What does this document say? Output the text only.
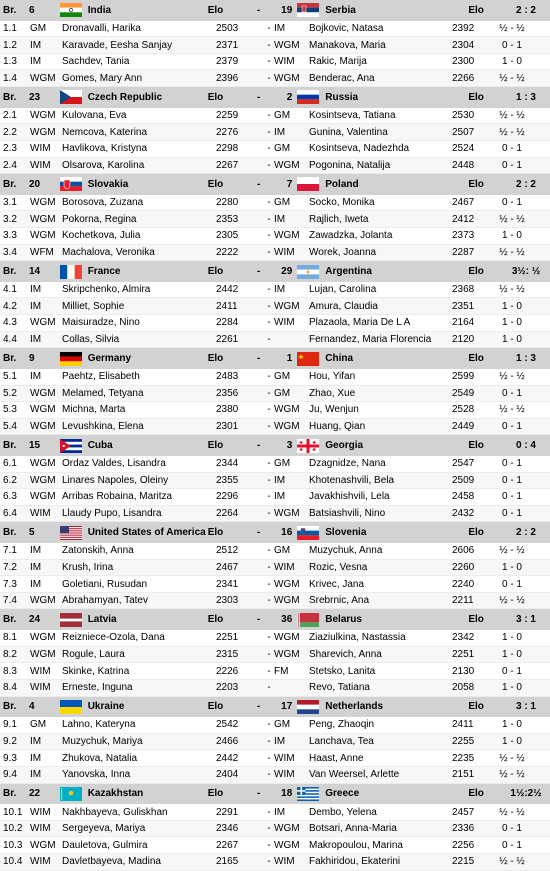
Br.	6	India	Elo	-	19	Serbia	Elo	2 : 2
1.1	GM	Dronavalli, Harika	2503	- IM	Bojkovic, Natasa	2392	½ - ½
1.2	IM	Karavade, Eesha Sanjay	2371	- WGM Manakova, Maria	2304	0 - 1
1.3	IM	Sachdev, Tania	2379	- WIM	Rakic, Marija	2300	1 - 0
1.4	WGM Gomes, Mary Ann	2396	- WGM Benderac, Ana	2266	½ - ½
Br.	23	Czech Republic	Elo	-	2	Russia	Elo	1 : 3
2.1	WGM Kulovana, Eva	2259	- GM	Kosintseva, Tatiana	2530	½ - ½
2.2	WGM Nemcova, Katerina	2276	- IM	Gunina, Valentina	2507	½ - ½
2.3	WIM	Havlikova, Kristyna	2298	- GM	Kosintseva, Nadezhda	2524	0 - 1
2.4	WIM	Olsarova, Karolina	2267	- WGM Pogonina, Natalija	2448	0 - 1
Br.	20	Slovakia	Elo	-	7	Poland	Elo	2 : 2
3.1	WGM Borosova, Zuzana	2280	- GM	Socko, Monika	2467	0 - 1
3.2	WGM Pokorna, Regina	2353	- IM	Rajlich, Iweta	2412	½ - ½
3.3	WGM Kochetkova, Julia	2305	- WGM Zawadzka, Jolanta	2373	1 - 0
3.4	WFM Machalova, Veronika	2222	- WIM	Worek, Joanna	2287	½ - ½
Br.	14	France	Elo	-	29	Argentina	Elo	3½: ½
4.1	IM	Skripchenko, Almira	2442	- IM	Lujan, Carolina	2368	½ - ½
4.2	IM	Milliet, Sophie	2411	- WGM Amura, Claudia	2351	1 - 0
4.3	WGM Maisuradze, Nino	2284	- WIM	Plazaola, Maria De L A	2164	1 - 0
4.4	IM	Collas, Silvia	2261	-	Fernandez, Maria Florencia	2120	1 - 0
Br.	9	Germany	Elo	-	1	China	Elo	1 : 3
5.1	IM	Paehtz, Elisabeth	2483	- GM	Hou, Yifan	2599	½ - ½
5.2	WGM Melamed, Tetyana	2356	- GM	Zhao, Xue	2549	0 - 1
5.3	WGM Michna, Marta	2380	- WGM Ju, Wenjun	2528	½ - ½
5.4	WGM Levushkina, Elena	2301	- WGM Huang, Qian	2449	0 - 1
Br.	15	Cuba	Elo	-	3	Georgia	Elo	0 : 4
6.1	WGM Ordaz Valdes, Lisandra	2344	- GM	Dzagnidze, Nana	2547	0 - 1
6.2	WGM Linares Napoles, Oleiny	2355	- IM	Khotenashvili, Bela	2509	0 - 1
6.3	WGM Arribas Robaina, Maritza	2296	- IM	Javakhishvili, Lela	2458	0 - 1
6.4	WIM	Llaudy Pupo, Lisandra	2264	- WGM Batsiashvili, Nino	2432	0 - 1
Br.	5	United States of America Elo	-	16	Slovenia	Elo	2 : 2
7.1	IM	Zatonskih, Anna	2512	- GM	Muzychuk, Anna	2606	½ - ½
7.2	IM	Krush, Irina	2467	- WIM	Rozic, Vesna	2260	1 - 0
7.3	IM	Goletiani, Rusudan	2341	- WGM Krivec, Jana	2240	0 - 1
7.4	WGM Abrahamyan, Tatev	2303	- WGM Srebrnic, Ana	2211	½ - ½
Br.	24	Latvia	Elo	-	36	Belarus	Elo	3 : 1
8.1	WGM Reizniece-Ozola, Dana	2251	- WGM Ziaziulkina, Nastassia	2342	1 - 0
8.2	WGM Rogule, Laura	2315	- WGM Sharevich, Anna	2251	1 - 0
8.3	WIM	Skinke, Katrina	2226	- FM	Stetsko, Lanita	2130	0 - 1
8.4	WIM	Erneste, Inguna	2203	-	Revo, Tatiana	2058	1 - 0
Br.	4	Ukraine	Elo	-	17	Netherlands	Elo	3 : 1
9.1	GM	Lahno, Kateryna	2542	- GM	Peng, Zhaoqin	2411	1 - 0
9.2	IM	Muzychuk, Mariya	2466	- IM	Lanchava, Tea	2255	1 - 0
9.3	IM	Zhukova, Natalia	2442	- WIM	Haast, Anne	2235	½ - ½
9.4	IM	Yanovska, Inna	2404	- WIM	Van Weersel, Arlette	2151	½ - ½
Br.	22	Kazakhstan	Elo	-	18	Greece	Elo	1½:2½
10.1 WIM	Nakhbayeva, Guliskhan	2291	- IM	Dembo, Yelena	2457	½ - ½
10.2 WIM	Sergeyeva, Mariya	2346	- WGM Botsari, Anna-Maria	2336	0 - 1
10.3 WGM Dauletova, Gulmira	2267	- WGM Makropoulou, Marina	2256	0 - 1
10.4 WIM	Davletbayeva, Madina	2165	- WIM	Fakhiridou, Ekaterini	2215	½ - ½
